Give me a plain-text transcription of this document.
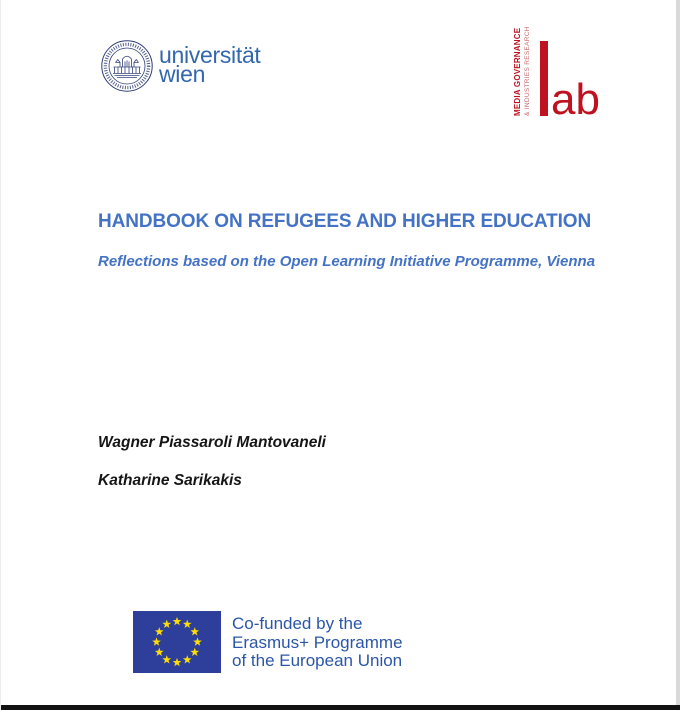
universität
wien	MEDIA GOVERNANCE & INDUSTRIES RESEARCH ab
HANDBOOK ON REFUGEES AND HIGHER EDUCATION
Reflections based on the Open Learning Initiative Programme, Vienna
Wagner Piassaroli Mantovaneli
Katharine Sarikakis
Co-funded by the
Erasmus+ Programme
of the European Union
